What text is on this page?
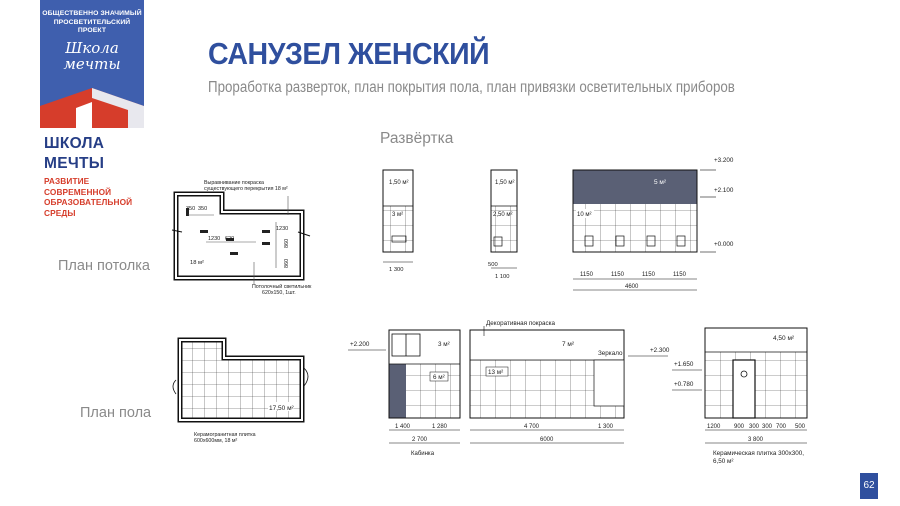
ОБЩЕСТВЕННО ЗНАЧИМЫЙ
ПРОСВЕТИТЕЛЬСКИЙ ПРОЕКТ
Школа
мечты
ШКОЛА МЕЧТЫ
РАЗВИТИЕ СОВРЕМЕННОЙ
ОБРАЗОВАТЕЛЬНОЙ СРЕДЫ
САНУЗЕЛ ЖЕНСКИЙ
Проработка разверток, план покрытия пола, план привязки осветительных приборов
Развёртка
План потолка
План пола
Выравнивание покраска
существующего перекрытия 18 м²
350 350
1230 620
1230
860
860
18 м²
Потолочный светильник
620х150, 1шт.
17,50 м²
Керамогранитная плитка
600х600мм, 18 м²
1,50 м²
3 м²
1 300
1,50 м²
2,50 м²
500
1 100
5 м²
10 м²
+3.200
+2.100
+0.000
1150	1150	1150	1150
4600
+2.200	3 м²
6 м²
1 400	1 280
2 700
Кабинка
Декоративная покраска
Зеркало
7 м²
13 м²
+2.300
4 700	1 300
6000
4,50 м²
+1.650
+0.780
1200 900 300 300 700 500
3 800
Керамическая плитка 300х300,
6,50 м²
62
